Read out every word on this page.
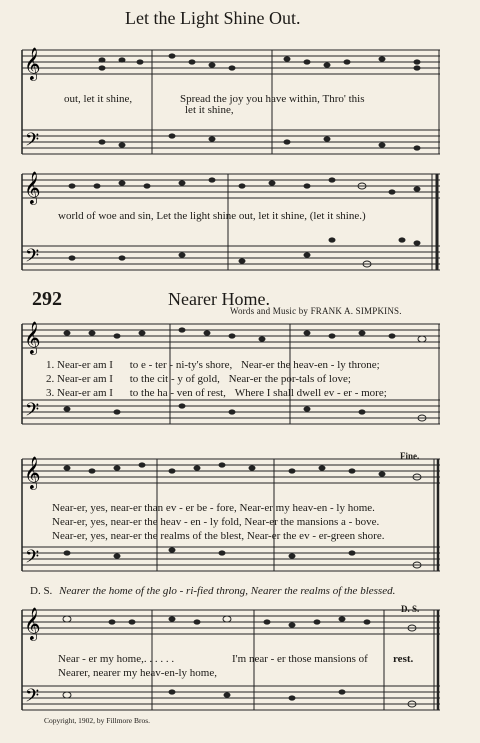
Let the Light Shine Out.
𝄞
𝄢
out, let it shine,	Spread the joy you have within, Thro' this
let it shine,
𝄞
𝄢
world of woe and sin, Let the light shine out, let it shine, (let it shine.)
292	Nearer Home.
Words and Music by FRANK A. SIMPKINS.
𝄞
𝄢
1. Near-er am I to e - ter - ni-ty's shore, Near-er the heav-en - ly throne;
2. Near-er am I to the cit - y of gold, Near-er the por-tals of love;
3. Near-er am I to the ha - ven of rest, Where I shall dwell ev - er - more;
𝄞
𝄢
Fine.
Near-er, yes, near-er than ev - er be - fore, Near-er my heav-en - ly home.
Near-er, yes, near-er the heav - en - ly fold, Near-er the mansions a - bove.
Near-er, yes, near-er the realms of the blest, Near-er the ev - er-green shore.
D. S. Nearer the home of the glo - ri-fied throng, Nearer the realms of the blessed.
𝄞
𝄢
D. S.
Near - er my home,. . . . . .	I'm near - er those mansions of rest.
Nearer, nearer my heav-en-ly home,
Copyright, 1902, by Fillmore Bros.
